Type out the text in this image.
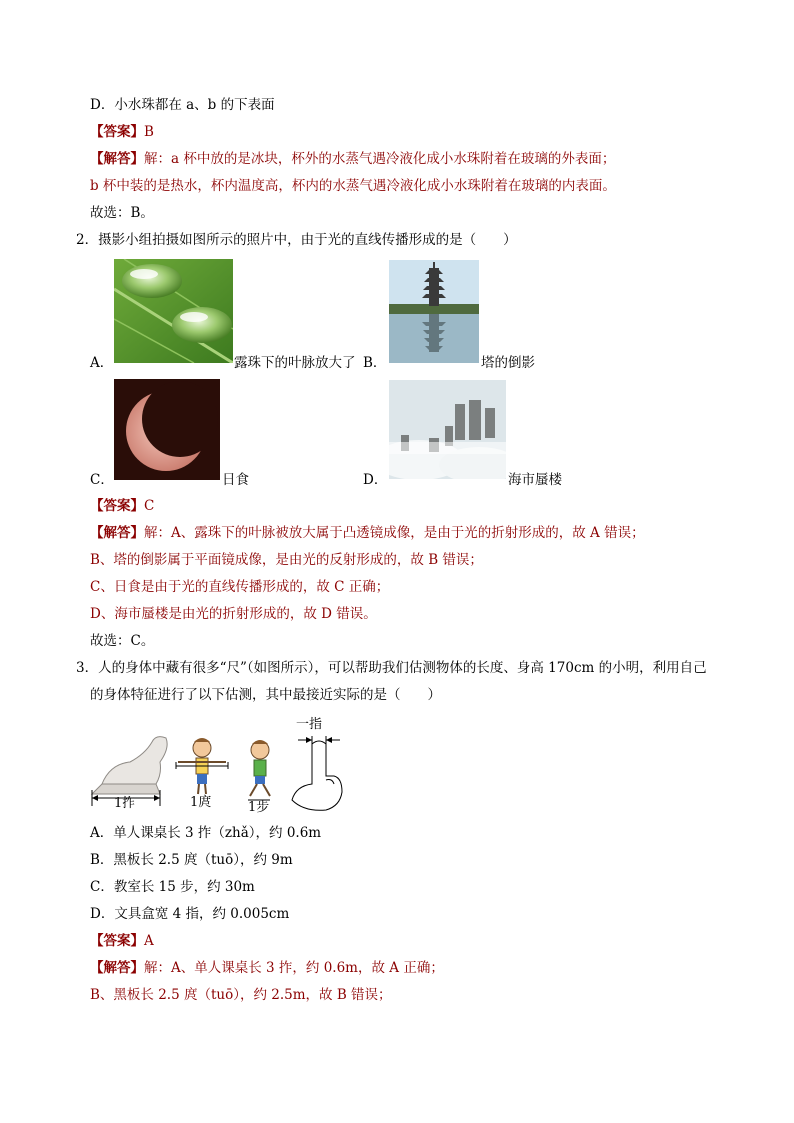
D．小水珠都在 a、b 的下表面
【答案】B
【解答】解：a 杯中放的是冰块，杯外的水蒸气遇冷液化成小水珠附着在玻璃的外表面；
b 杯中装的是热水，杯内温度高，杯内的水蒸气遇冷液化成小水珠附着在玻璃的内表面。
故选：B。
2．摄影小组拍摄如图所示的照片中，由于光的直线传播形成的是（　　）
A．	露珠下的叶脉放大了 B．	塔的倒影
C．	日食	D．	海市蜃楼
【答案】C
【解答】解：A、露珠下的叶脉被放大属于凸透镜成像，是由于光的折射形成的，故 A 错误；
B、塔的倒影属于平面镜成像，是由光的反射形成的，故 B 错误；
C、日食是由于光的直线传播形成的，故 C 正确；
D、海市蜃楼是由光的折射形成的，故 D 错误。
故选：C。
3．人的身体中藏有很多“尺”（如图所示），可以帮助我们估测物体的长度、身高 170cm 的小明，利用自己
的身体特征进行了以下估测，其中最接近实际的是（　　）
1拃	1庹	1步
一指
A．单人课桌长 3 拃（zhǎ），约 0.6m
B．黑板长 2.5 庹（tuō），约 9m
C．教室长 15 步，约 30m
D．文具盒宽 4 指，约 0.005cm
【答案】A
【解答】解：A、单人课桌长 3 拃，约 0.6m，故 A 正确；
B、黑板长 2.5 庹（tuō），约 2.5m，故 B 错误；
